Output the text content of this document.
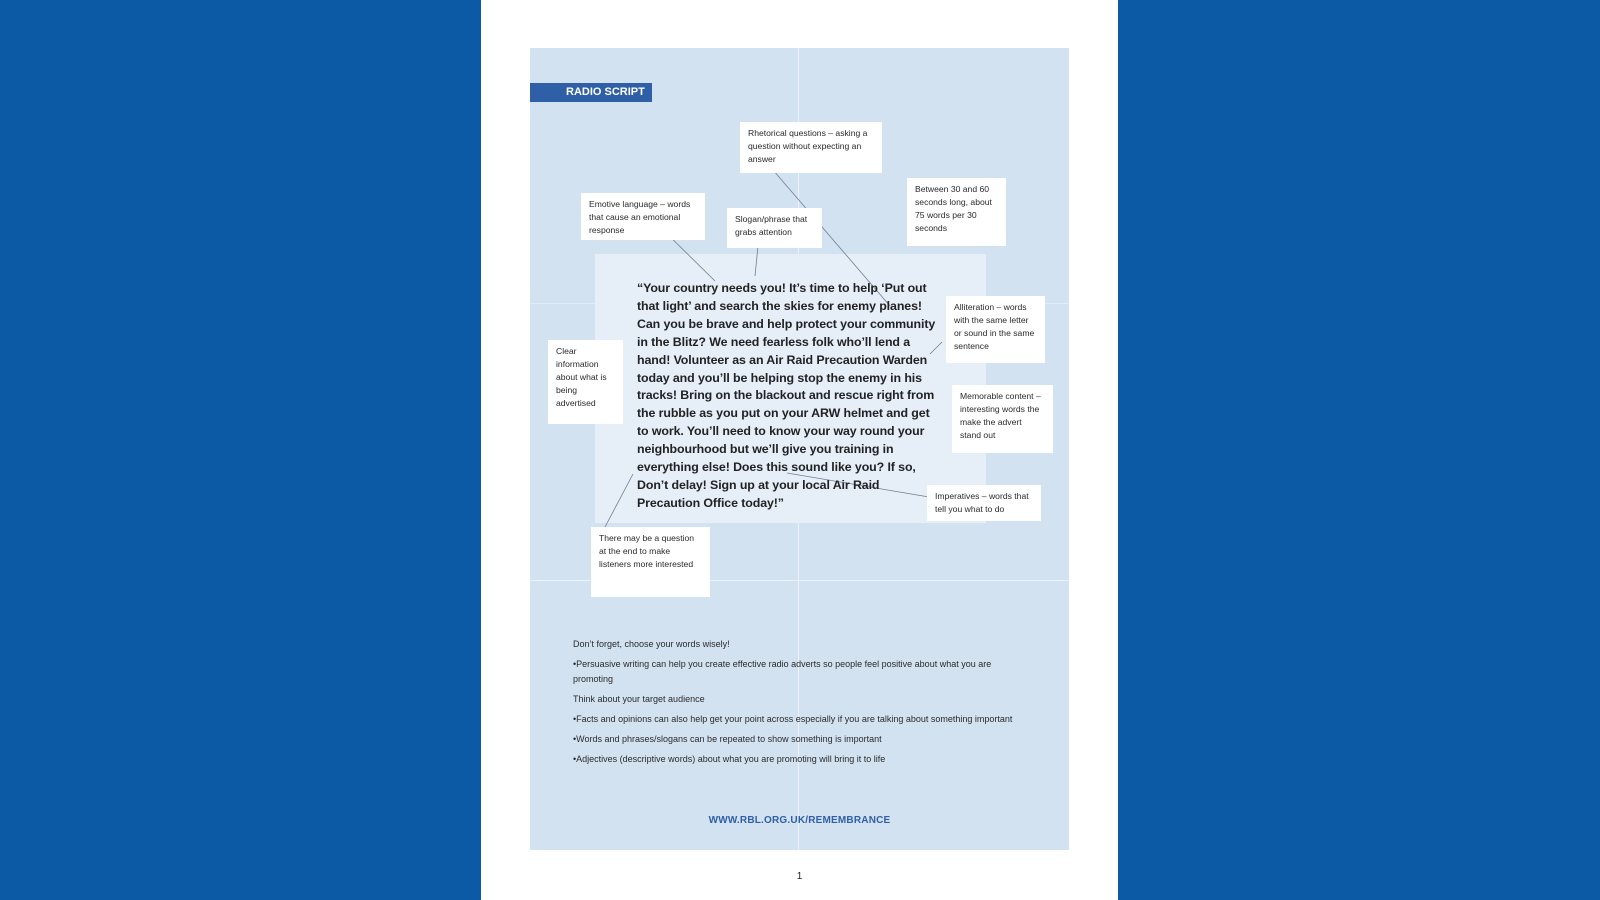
RADIO SCRIPT
“Your country needs you! It’s time to help ‘Put out that light’ and search the skies for enemy planes! Can you be brave and help protect your community in the Blitz? We need fearless folk who’ll lend a hand! Volunteer as an Air Raid Precaution Warden today and you’ll be helping stop the enemy in his tracks! Bring on the blackout and rescue right from the rubble as you put on your ARW helmet and get to work. You’ll need to know your way round your neighbourhood but we’ll give you training in everything else! Does this sound like you? If so, Don’t delay! Sign up at your local Air Raid Precaution Office today!”
Rhetorical questions – asking a question without expecting an answer
Emotive language – words that cause an emotional response
Slogan/phrase that grabs attention
Between 30 and 60 seconds long, about 75 words per 30 seconds
Alliteration – words with the same letter or sound in the same sentence
Clear information about what is being advertised
Memorable content – interesting words the make the advert stand out
Imperatives – words that tell you what to do
There may be a question at the end to make listeners more interested

Don’t forget, choose your words wisely!

•Persuasive writing can help you create effective radio adverts so people feel positive about what you are promoting

Think about your target audience

•Facts and opinions can also help get your point across especially if you are talking about something important

•Words and phrases/slogans can be repeated to show something is important

•Adjectives (descriptive words) about what you are promoting will bring it to life

WWW.RBL.ORG.UK/REMEMBRANCE
1
